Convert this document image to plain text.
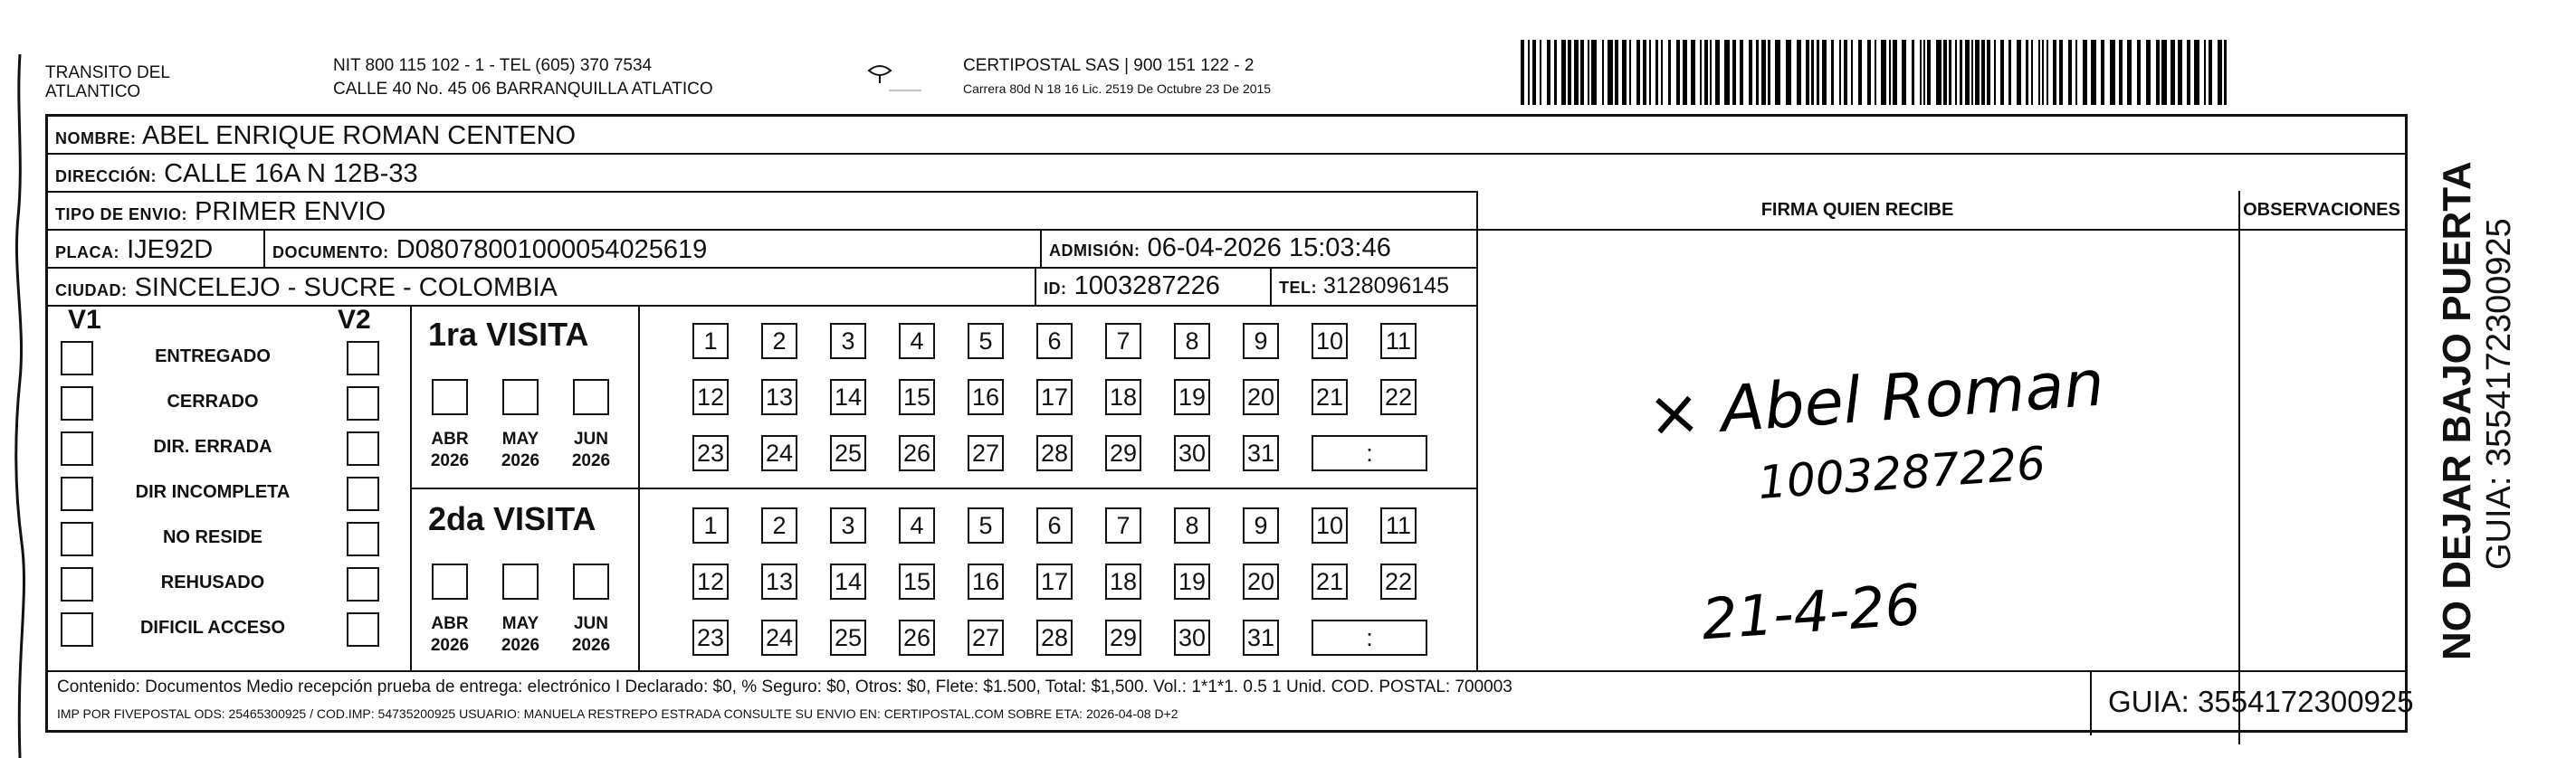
TRANSITO DEL
ATLANTICO
NIT 800 115 102 - 1 - TEL (605) 370 7534
CALLE 40 No. 45 06 BARRANQUILLA ATLATICO
CERTIPOSTAL SAS | 900 151 122 - 2
Carrera 80d N 18 16 Lic. 2519 De Octubre 23 De 2015
NOMBRE: ABEL ENRIQUE ROMAN CENTENO
DIRECCIÓN: CALLE 16A N 12B-33
TIPO DE ENVIO: PRIMER ENVIO
PLACA: IJE92D	DOCUMENTO: D08078001000054025619	ADMISIÓN: 06-04-2026 15:03:46
CIUDAD: SINCELEJO - SUCRE - COLOMBIA	ID: 1003287226	TEL: 3128096145
FIRMA QUIEN RECIBE	OBSERVACIONES
V1	V2
ENTREGADO
CERRADO
DIR. ERRADA
DIR INCOMPLETA
NO RESIDE
REHUSADO
DIFICIL ACCESO
1ra VISITA
2da VISITA
ABR
2026
MAY
2026
JUN
2026
1	2	3	4	5	6	7	8	9	10 11
12 13 14 15 16 17 18 19 20 21 22
23 24 25 26 27 28 29 30 31	:
ABR
2026
MAY
2026
JUN
2026
1	2	3	4	5	6	7	8	9	10 11
12 13 14 15 16 17 18 19 20 21 22
23 24 25 26 27 28 29 30 31	:
Contenido: Documentos Medio recepción prueba de entrega: electrónico I Declarado: $0, % Seguro: $0, Otros: $0, Flete: $1.500, Total: $1,500. Vol.: 1*1*1. 0.5 1 Unid. COD. POSTAL: 700003
IMP POR FIVEPOSTAL ODS: 25465300925 / COD.IMP: 54735200925 USUARIO: MANUELA RESTREPO ESTRADA CONSULTE SU ENVIO EN: CERTIPOSTAL.COM SOBRE ETA: 2026-04-08 D+2	GUIA: 3554172300925
× Abel Roman
1003287226
21-4-26	NO DEJAR BAJO PUERTA GUIA: 3554172300925
